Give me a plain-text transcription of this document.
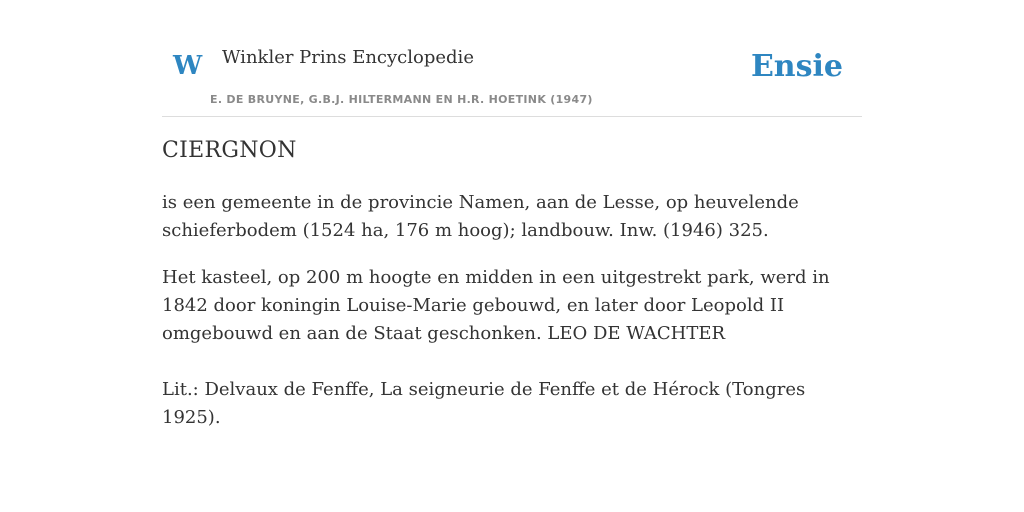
W Winkler Prins Encyclopedie
E. DE BRUYNE, G.B.J. HILTERMANN EN H.R. HOETINK (1947)
Ensie
CIERGNON

is een gemeente in de provincie Namen, aan de Lesse, op heuvelende schieferbodem (1524 ha, 176 m hoog); landbouw. Inw. (1946) 325.

Het kasteel, op 200 m hoogte en midden in een uitgestrekt park, werd in 1842 door koningin Louise-Marie gebouwd, en later door Leopold II omgebouwd en aan de Staat geschonken. LEO DE WACHTER

Lit.: Delvaux de Fenffe, La seigneurie de Fenffe et de Hérock (Tongres 1925).
